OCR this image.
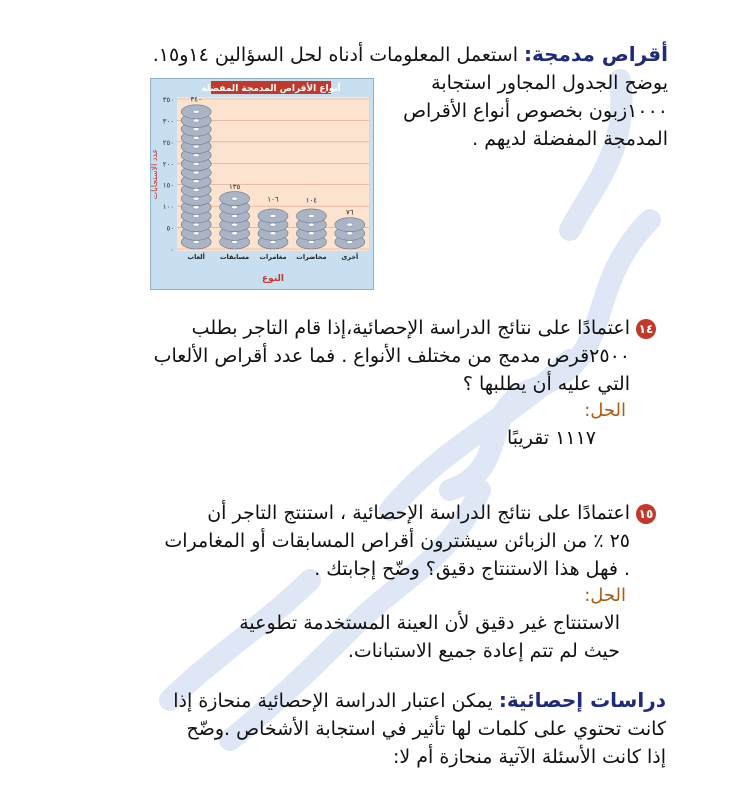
أقراص مدمجة: استعمل المعلومات أدناه لحل السؤالين ١٤و١٥.
يوضح الجدول المجاور استجابة
١٠٠٠زبون بخصوص أنواع الأقراص
المدمجة المفضلة لديهم .
أنواع الأقراص المدمجة المفضلة
٠
٥٠
١٠٠
١٥٠
٢٠٠
٢٥٠
٣٠٠
٣٥٠
ألعاب مسابقات مغامرات محاضرات أخرى
٣٤٠
١٣٥
١٠٦	١٠٤
٧٦
عدد الاستجابات
النوع
١٤اعتمادًا على نتائج الدراسة الإحصائية،إذا قام التاجر بطلب
٢٥٠٠قرص مدمج من مختلف الأنواع . فما عدد أقراص الألعاب
التي عليه أن يطلبها ؟
الحل:
١١١٧ تقريبًا
١٥اعتمادًا على نتائج الدراسة الإحصائية ، استنتج التاجر أن
٢٥ ٪ من الزبائن سيشترون أقراص المسابقات أو المغامرات
. فهل هذا الاستنتاج دقيق؟ وضّح إجابتك .
الحل:
الاستنتاج غير دقيق لأن العينة المستخدمة تطوعية
حيث لم تتم إعادة جميع الاستبانات.
دراسات إحصائية: يمكن اعتبار الدراسة الإحصائية منحازة إذا
كانت تحتوي على كلمات لها تأثير في استجابة الأشخاص .وضّح
إذا كانت الأسئلة الآتية منحازة أم لا:
